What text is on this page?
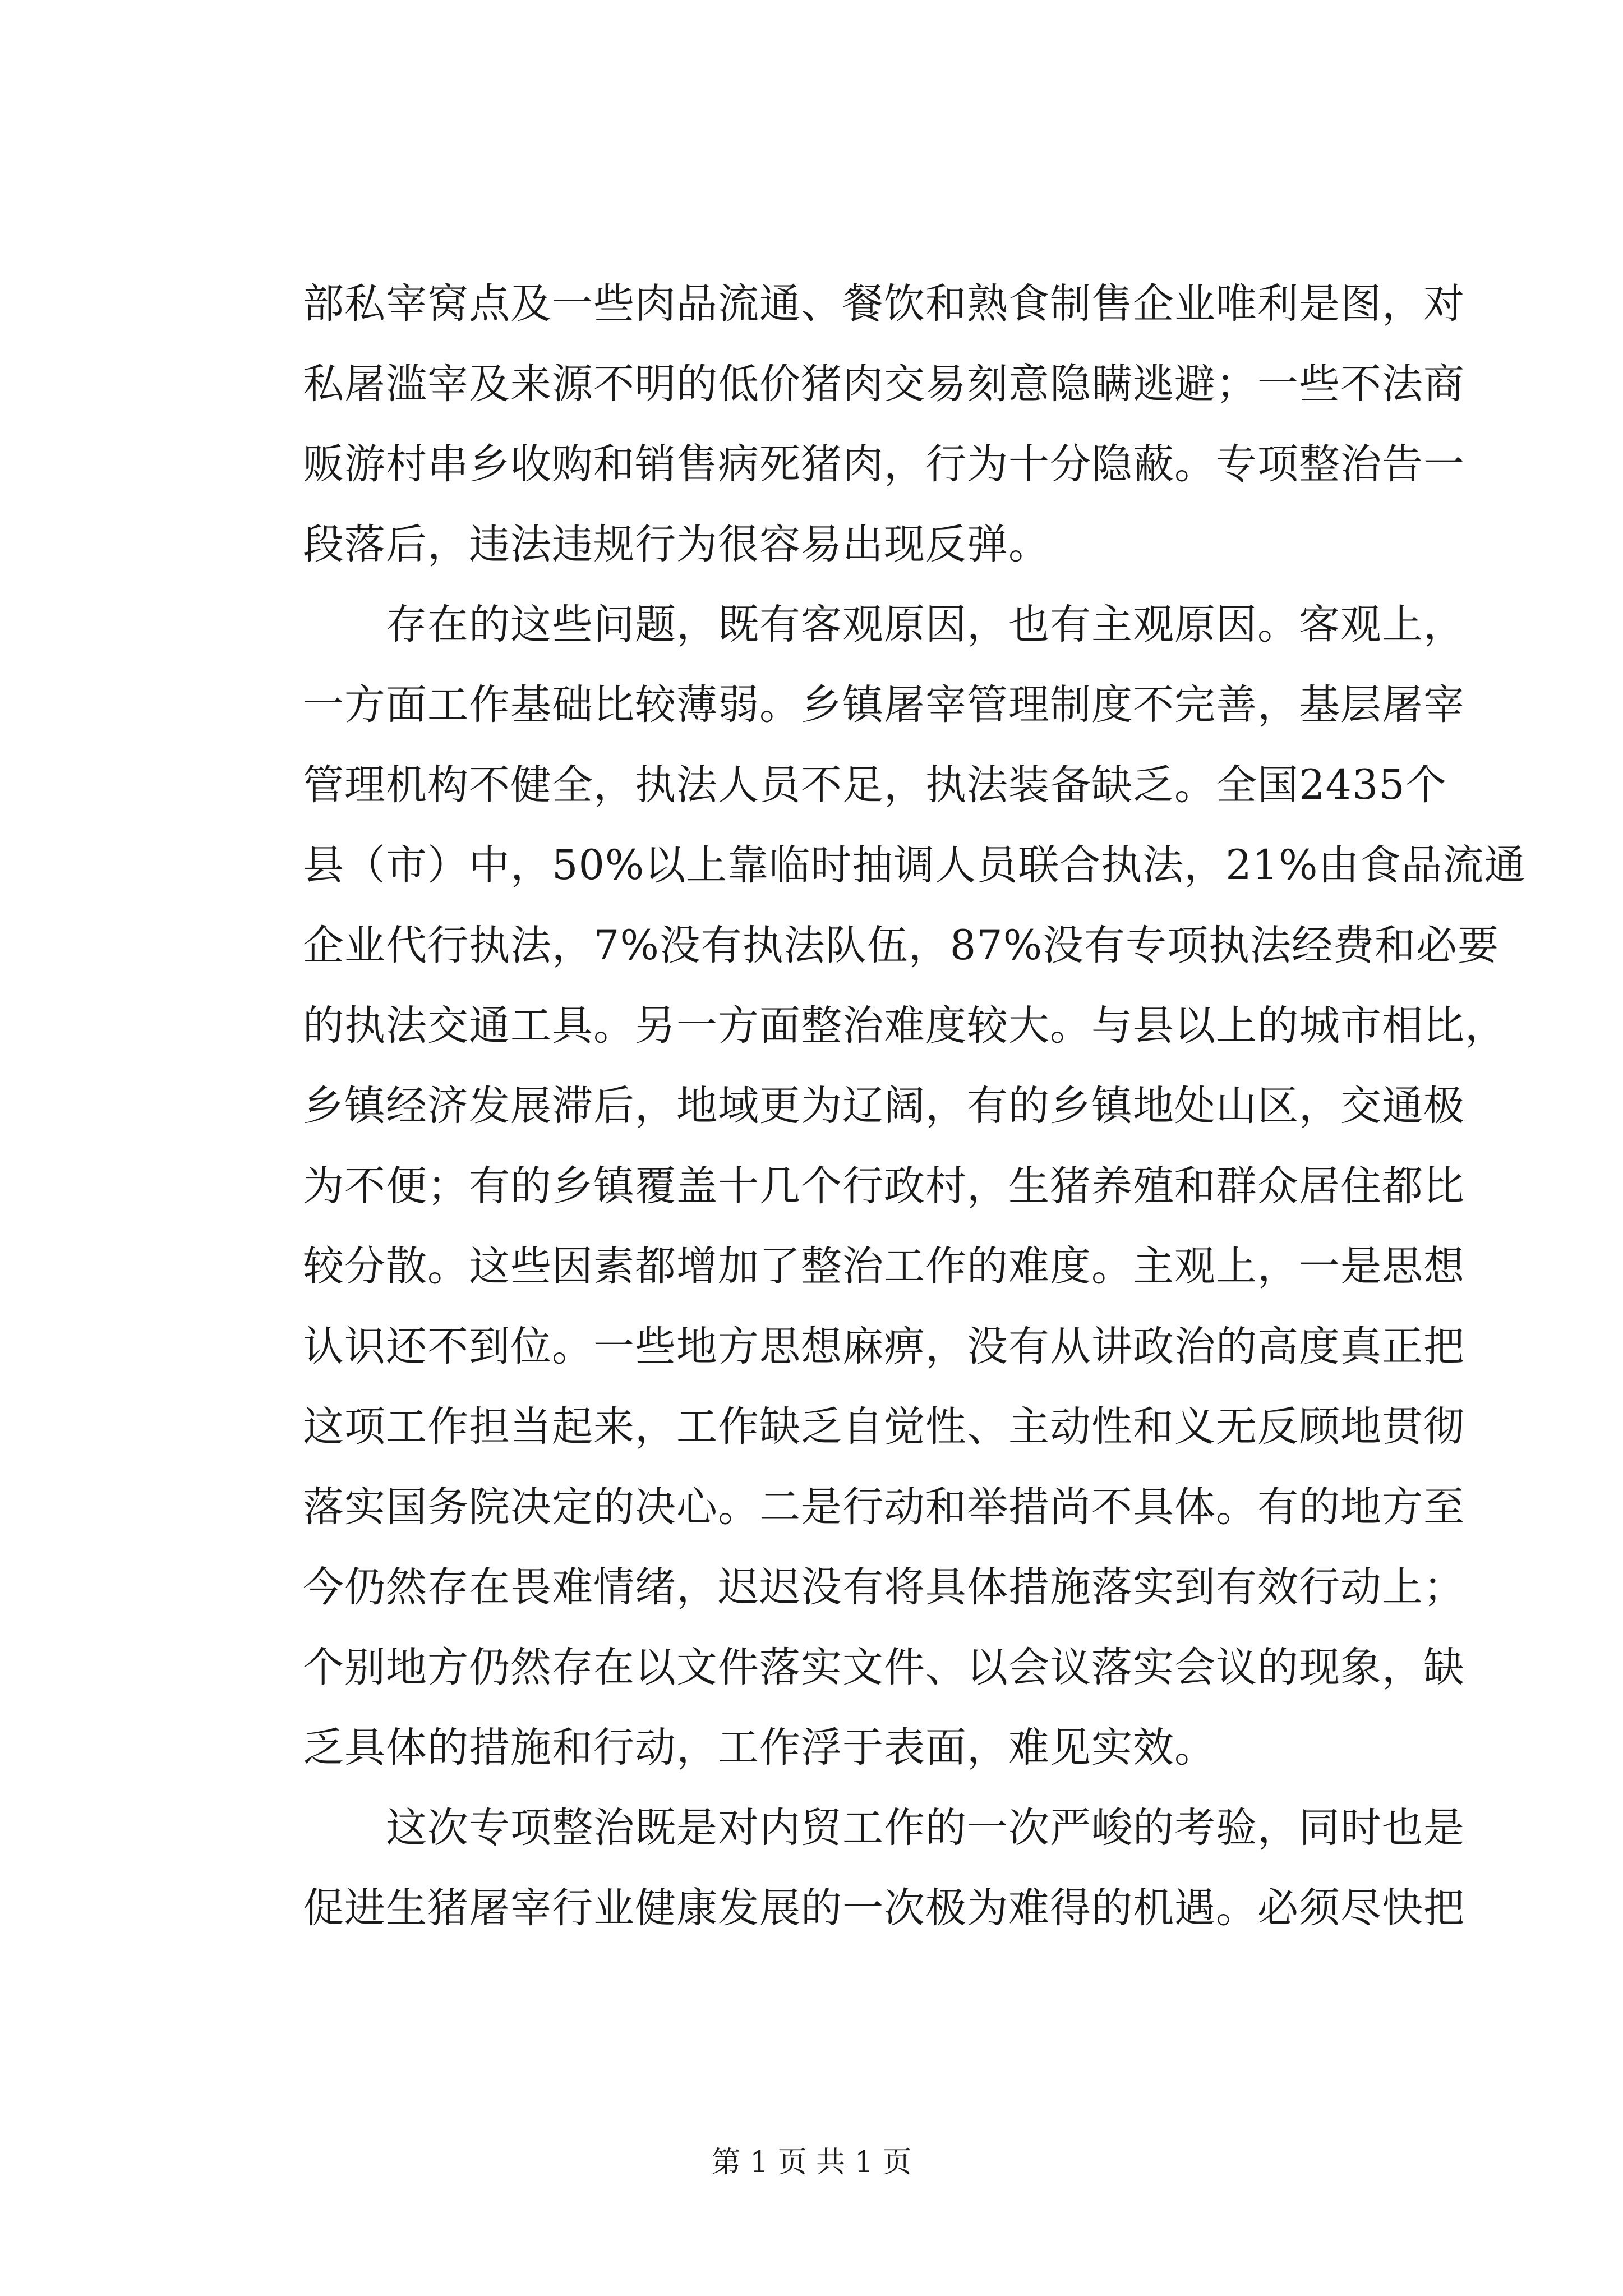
部私宰窝点及一些肉品流通、餐饮和熟食制售企业唯利是图，对
私屠滥宰及来源不明的低价猪肉交易刻意隐瞒逃避；一些不法商
贩游村串乡收购和销售病死猪肉，行为十分隐蔽。专项整治告一
段落后，违法违规行为很容易出现反弹。
　　存在的这些问题，既有客观原因，也有主观原因。客观上，
一方面工作基础比较薄弱。乡镇屠宰管理制度不完善，基层屠宰
管理机构不健全，执法人员不足，执法装备缺乏。全国2435个
县（市）中，50%以上靠临时抽调人员联合执法，21%由食品流通
企业代行执法，7%没有执法队伍，87%没有专项执法经费和必要
的执法交通工具。另一方面整治难度较大。与县以上的城市相比，
乡镇经济发展滞后，地域更为辽阔，有的乡镇地处山区，交通极
为不便；有的乡镇覆盖十几个行政村，生猪养殖和群众居住都比
较分散。这些因素都增加了整治工作的难度。主观上，一是思想
认识还不到位。一些地方思想麻痹，没有从讲政治的高度真正把
这项工作担当起来，工作缺乏自觉性、主动性和义无反顾地贯彻
落实国务院决定的决心。二是行动和举措尚不具体。有的地方至
今仍然存在畏难情绪，迟迟没有将具体措施落实到有效行动上；
个别地方仍然存在以文件落实文件、以会议落实会议的现象，缺
乏具体的措施和行动，工作浮于表面，难见实效。
　　这次专项整治既是对内贸工作的一次严峻的考验，同时也是
促进生猪屠宰行业健康发展的一次极为难得的机遇。必须尽快把
第 1 页 共 1 页
